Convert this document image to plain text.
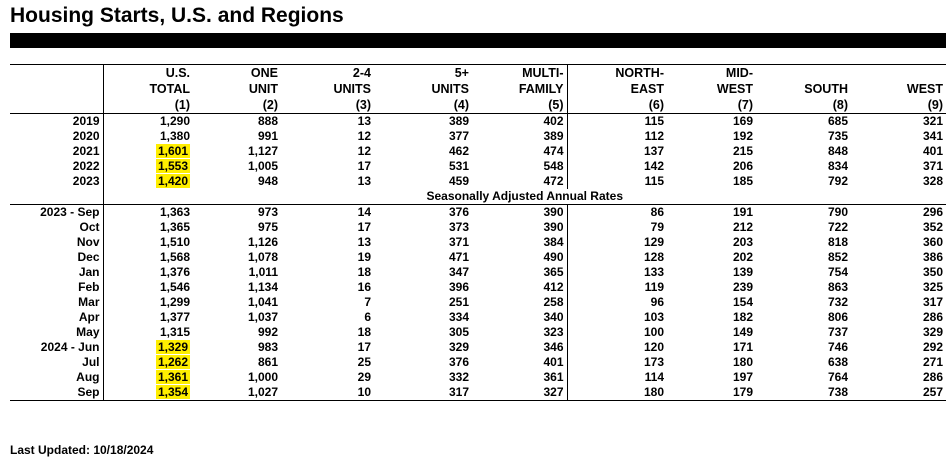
Housing Starts, U.S. and Regions
	U.S.	ONE	2-4	5+	MULTI-	NORTH-	MID-		
	TOTAL	UNIT	UNITS	UNITS	FAMILY	EAST	WEST	SOUTH	WEST
	(1)	(2)	(3)	(4)	(5)	(6)	(7)	(8)	(9)
2019	1,290	888	13	389	402	115	169	685	321
2020	1,380	991	12	377	389	112	192	735	341
2021	1,601	1,127	12	462	474	137	215	848	401
2022	1,553	1,005	17	531	548	142	206	834	371
2023	1,420	948	13	459	472	115	185	792	328
	Seasonally Adjusted Annual Rates								
2023 - Sep	1,363	973	14	376	390	86	191	790	296
Oct	1,365	975	17	373	390	79	212	722	352
Nov	1,510	1,126	13	371	384	129	203	818	360
Dec	1,568	1,078	19	471	490	128	202	852	386
Jan	1,376	1,011	18	347	365	133	139	754	350
Feb	1,546	1,134	16	396	412	119	239	863	325
Mar	1,299	1,041	7	251	258	96	154	732	317
Apr	1,377	1,037	6	334	340	103	182	806	286
May	1,315	992	18	305	323	100	149	737	329
2024 - Jun	1,329	983	17	329	346	120	171	746	292
Jul	1,262	861	25	376	401	173	180	638	271
Aug	1,361	1,000	29	332	361	114	197	764	286
Sep	1,354	1,027	10	317	327	180	179	738	257
Last Updated: 10/18/2024
